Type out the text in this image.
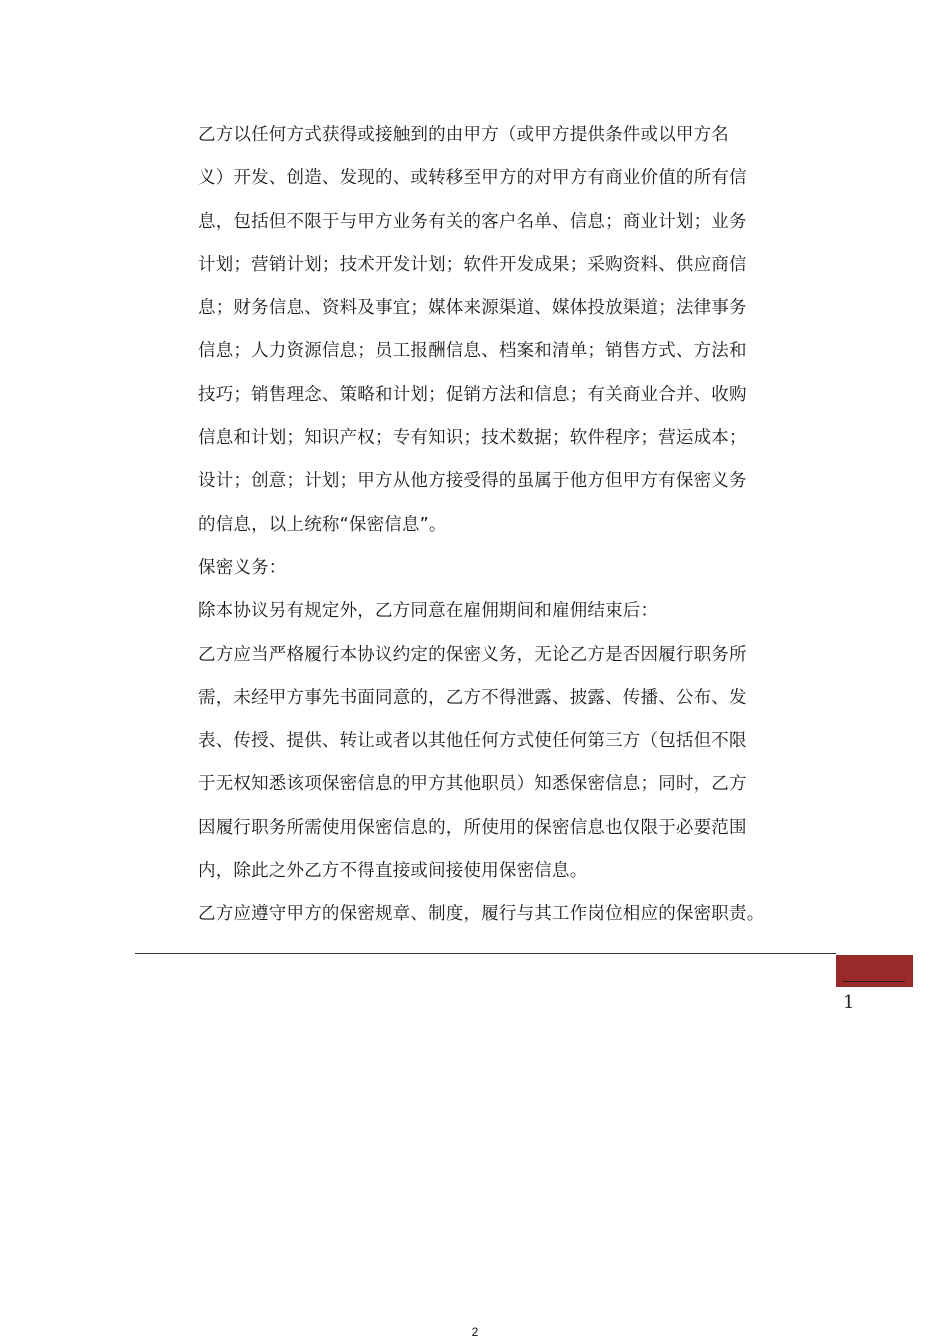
乙方以任何方式获得或接触到的由甲方（或甲方提供条件或以甲方名
义）开发、创造、发现的、或转移至甲方的对甲方有商业价值的所有信
息，包括但不限于与甲方业务有关的客户名单、信息；商业计划；业务
计划；营销计划；技术开发计划；软件开发成果；采购资料、供应商信
息；财务信息、资料及事宜；媒体来源渠道、媒体投放渠道；法律事务
信息；人力资源信息；员工报酬信息、档案和清单；销售方式、方法和
技巧；销售理念、策略和计划；促销方法和信息；有关商业合并、收购
信息和计划；知识产权；专有知识；技术数据；软件程序；营运成本；
设计；创意；计划；甲方从他方接受得的虽属于他方但甲方有保密义务
的信息，以上统称“保密信息”。
保密义务：
除本协议另有规定外，乙方同意在雇佣期间和雇佣结束后：
乙方应当严格履行本协议约定的保密义务，无论乙方是否因履行职务所
需，未经甲方事先书面同意的，乙方不得泄露、披露、传播、公布、发
表、传授、提供、转让或者以其他任何方式使任何第三方（包括但不限
于无权知悉该项保密信息的甲方其他职员）知悉保密信息；同时，乙方
因履行职务所需使用保密信息的，所使用的保密信息也仅限于必要范围
内，除此之外乙方不得直接或间接使用保密信息。
乙方应遵守甲方的保密规章、制度，履行与其工作岗位相应的保密职责。
1
2
